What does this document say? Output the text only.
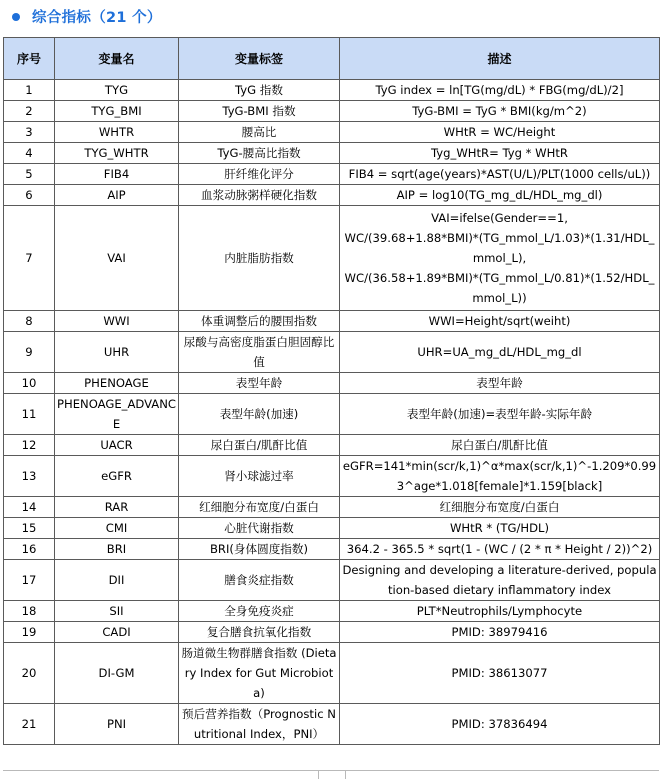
综合指标（21 个）
序号	变量名	变量标签	描述
1	TYG	TyG 指数	TyG index = ln[TG(mg/dL) * FBG(mg/dL)/2]
2	TYG_BMI	TyG-BMI 指数	TyG-BMI = TyG * BMI(kg/m^2)
3	WHTR	腰高比	WHtR = WC/Height
4	TYG_WHTR	TyG-腰高比指数	Tyg_WHtR= Tyg * WHtR
5	FIB4	肝纤维化评分	FIB4 = sqrt(age(years)*AST(U/L)/PLT(1000 cells/uL))
6	AIP	血浆动脉粥样硬化指数	AIP = log10(TG_mg_dL/HDL_mg_dl)
7	VAI	内脏脂肪指数	VAI=ifelse(Gender==1,
WC/(39.68+1.88*BMI)*(TG_mmol_L/1.03)*(1.31/HDL_mmol_L),
WC/(36.58+1.89*BMI)*(TG_mmol_L/0.81)*(1.52/HDL_mmol_L))
8	WWI	体重调整后的腰围指数	WWI=Height/sqrt(weiht)
9	UHR	尿酸与高密度脂蛋白胆固醇比值	UHR=UA_mg_dL/HDL_mg_dl
10	PHENOAGE	表型年龄	表型年龄
11	PHENOAGE_ADVANCE	表型年龄(加速)	表型年龄(加速)=表型年龄-实际年龄
12	UACR	尿白蛋白/肌酐比值	尿白蛋白/肌酐比值
13	eGFR	肾小球滤过率	eGFR=141*min(scr/k,1)^α*max(scr/k,1)^-1.209*0.993^age*1.018[female]*1.159[black]
14	RAR	红细胞分布宽度/白蛋白	红细胞分布宽度/白蛋白
15	CMI	心脏代谢指数	WHtR * (TG/HDL)
16	BRI	BRI(身体圆度指数)	364.2 - 365.5 * sqrt(1 - (WC / (2 * π * Height / 2))^2)
17	DII	膳食炎症指数	Designing and developing a literature-derived, population-based dietary inflammatory index
18	SII	全身免疫炎症	PLT*Neutrophils/Lymphocyte
19	CADI	复合膳食抗氧化指数	PMID: 38979416
20	DI-GM	肠道微生物群膳食指数 (Dietary Index for Gut Microbiota)	PMID: 38613077
21	PNI	预后营养指数（Prognostic Nutritional Index，PNI）	PMID: 37836494
